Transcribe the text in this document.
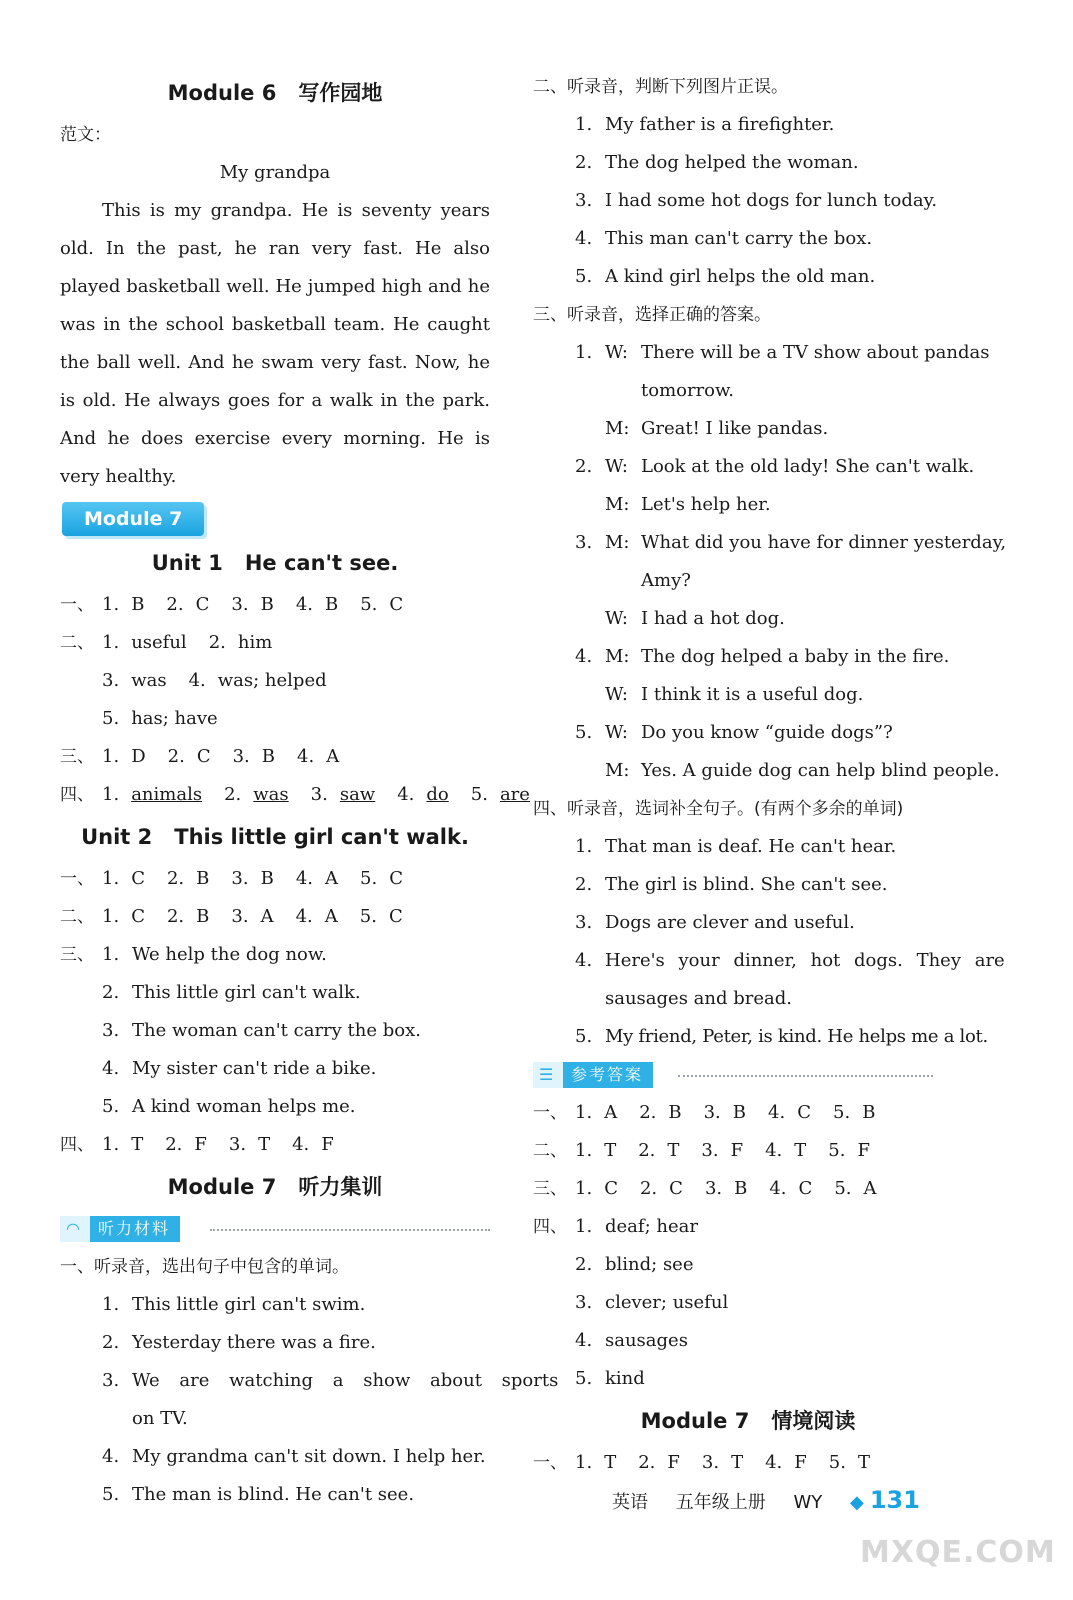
Module 6 写作园地
范文：
My grandpa
This is my grandpa. He is seventy years old. In the past, he ran very fast. He also played basketball well. He jumped high and he was in the school basketball team. He caught the ball well. And he swam very fast. Now, he is old. He always goes for a walk in the park. And he does exercise every morning. He is very healthy.
Module 7
Unit 1 He can't see.
一、 1. B 2. C 3. B 4. B 5. C
二、 1. useful 2. him
3. was 4. was; helped
5. has; have
三、 1. D 2. C 3. B 4. A
四、 1. animals 2. was 3. saw 4. do 5. are
Unit 2 This little girl can't walk.
一、 1. C 2. B 3. B 4. A 5. C
二、 1. C 2. B 3. A 4. A 5. C
三、 1. We help the dog now.
2. This little girl can't walk.
3. The woman can't carry the box.
4. My sister can't ride a bike.
5. A kind woman helps me.
四、 1. T 2. F 3. T 4. F
Module 7 听力集训
◠ 听力材料
一、听录音，选出句子中包含的单词。
1. This little girl can't swim.
2. Yesterday there was a fire.
3. We are watching a show about sports
on TV.
4. My grandma can't sit down. I help her.
5. The man is blind. He can't see.
二、听录音，判断下列图片正误。
1. My father is a firefighter.
2. The dog helped the woman.
3. I had some hot dogs for lunch today.
4. This man can't carry the box.
5. A kind girl helps the old man.
三、听录音，选择正确的答案。
1. W: There will be a TV show about pandas
tomorrow.
M: Great! I like pandas.
2. W: Look at the old lady! She can't walk.
M: Let's help her.
3. M: What did you have for dinner yesterday,
Amy?
W: I had a hot dog.
4. M: The dog helped a baby in the fire.
W: I think it is a useful dog.
5. W: Do you know “guide dogs”?
M: Yes. A guide dog can help blind people.
四、听录音，选词补全句子。(有两个多余的单词)
1. That man is deaf. He can't hear.
2. The girl is blind. She can't see.
3. Dogs are clever and useful.
4. Here's your dinner, hot dogs. They are
sausages and bread.
5. My friend, Peter, is kind. He helps me a lot.
☰ 参考答案
一、 1. A 2. B 3. B 4. C 5. B
二、 1. T 2. T 3. F 4. T 5. F
三、 1. C 2. C 3. B 4. C 5. A
四、 1. deaf; hear
2. blind; see
3. clever; useful
4. sausages
5. kind
Module 7 情境阅读
一、 1. T 2. F 3. T 4. F 5. T
英语 五年级上册 WY ◆ 131
MXQE.COM
